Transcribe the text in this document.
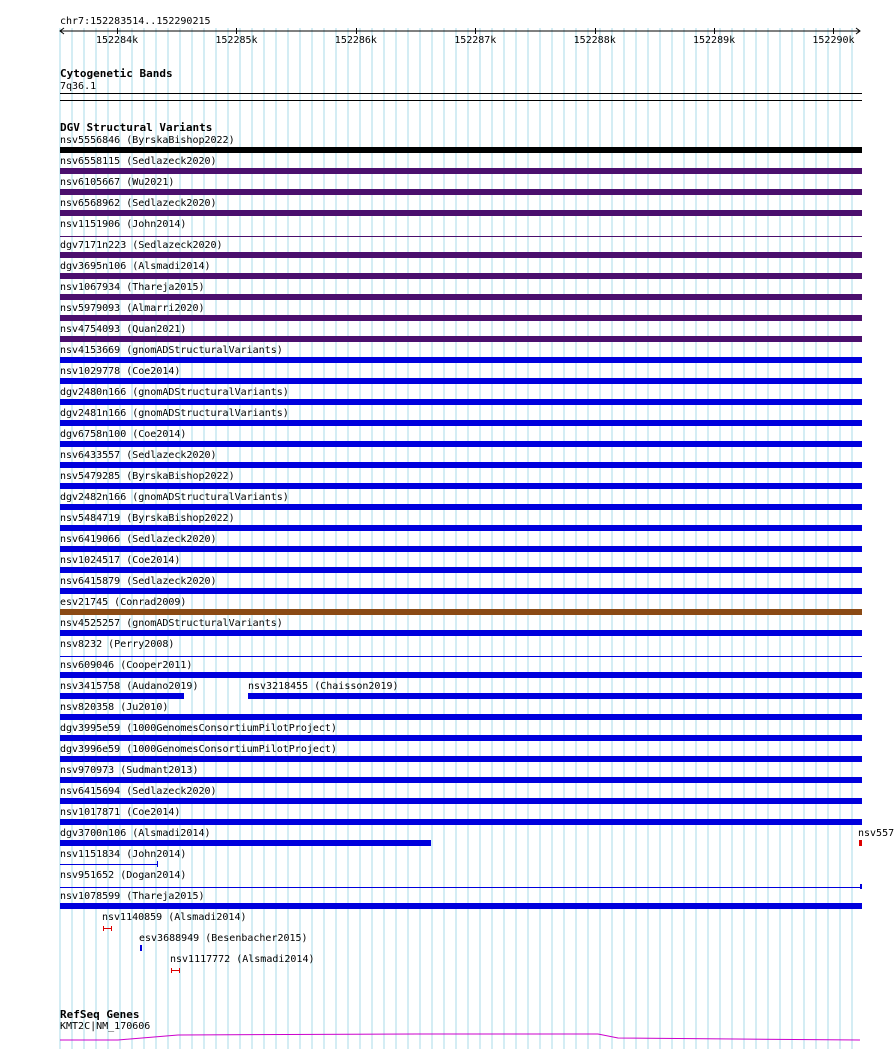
chr7:152283514..152290215
152284k	152285k	152286k	152287k	152288k	152289k	152290k
Cytogenetic Bands
7q36.1
DGV Structural Variants
nsv5556846 (ByrskaBishop2022)
nsv6558115 (Sedlazeck2020)
nsv6105667 (Wu2021)
nsv6568962 (Sedlazeck2020)
nsv1151906 (John2014)
dgv7171n223 (Sedlazeck2020)
dgv3695n106 (Alsmadi2014)
nsv1067934 (Thareja2015)
nsv5979093 (Almarri2020)
nsv4754093 (Quan2021)
nsv4153669 (gnomADStructuralVariants)
nsv1029778 (Coe2014)
dgv2480n166 (gnomADStructuralVariants)
dgv2481n166 (gnomADStructuralVariants)
dgv6758n100 (Coe2014)
nsv6433557 (Sedlazeck2020)
nsv5479285 (ByrskaBishop2022)
dgv2482n166 (gnomADStructuralVariants)
nsv5484719 (ByrskaBishop2022)
nsv6419066 (Sedlazeck2020)
nsv1024517 (Coe2014)
nsv6415879 (Sedlazeck2020)
esv21745 (Conrad2009)
nsv4525257 (gnomADStructuralVariants)
nsv8232 (Perry2008)
nsv609046 (Cooper2011)
nsv3415758 (Audano2019)	nsv3218455 (Chaisson2019)
nsv820358 (Ju2010)
dgv3995e59 (1000GenomesConsortiumPilotProject)
dgv3996e59 (1000GenomesConsortiumPilotProject)
nsv970973 (Sudmant2013)
nsv6415694 (Sedlazeck2020)
nsv1017871 (Coe2014)
dgv3700n106 (Alsmadi2014)	nsv557
nsv1151834 (John2014)
nsv951652 (Dogan2014)
nsv1078599 (Thareja2015)
nsv1140859 (Alsmadi2014)
esv3688949 (Besenbacher2015)
nsv1117772 (Alsmadi2014)
RefSeq Genes
KMT2C|NM_170606
